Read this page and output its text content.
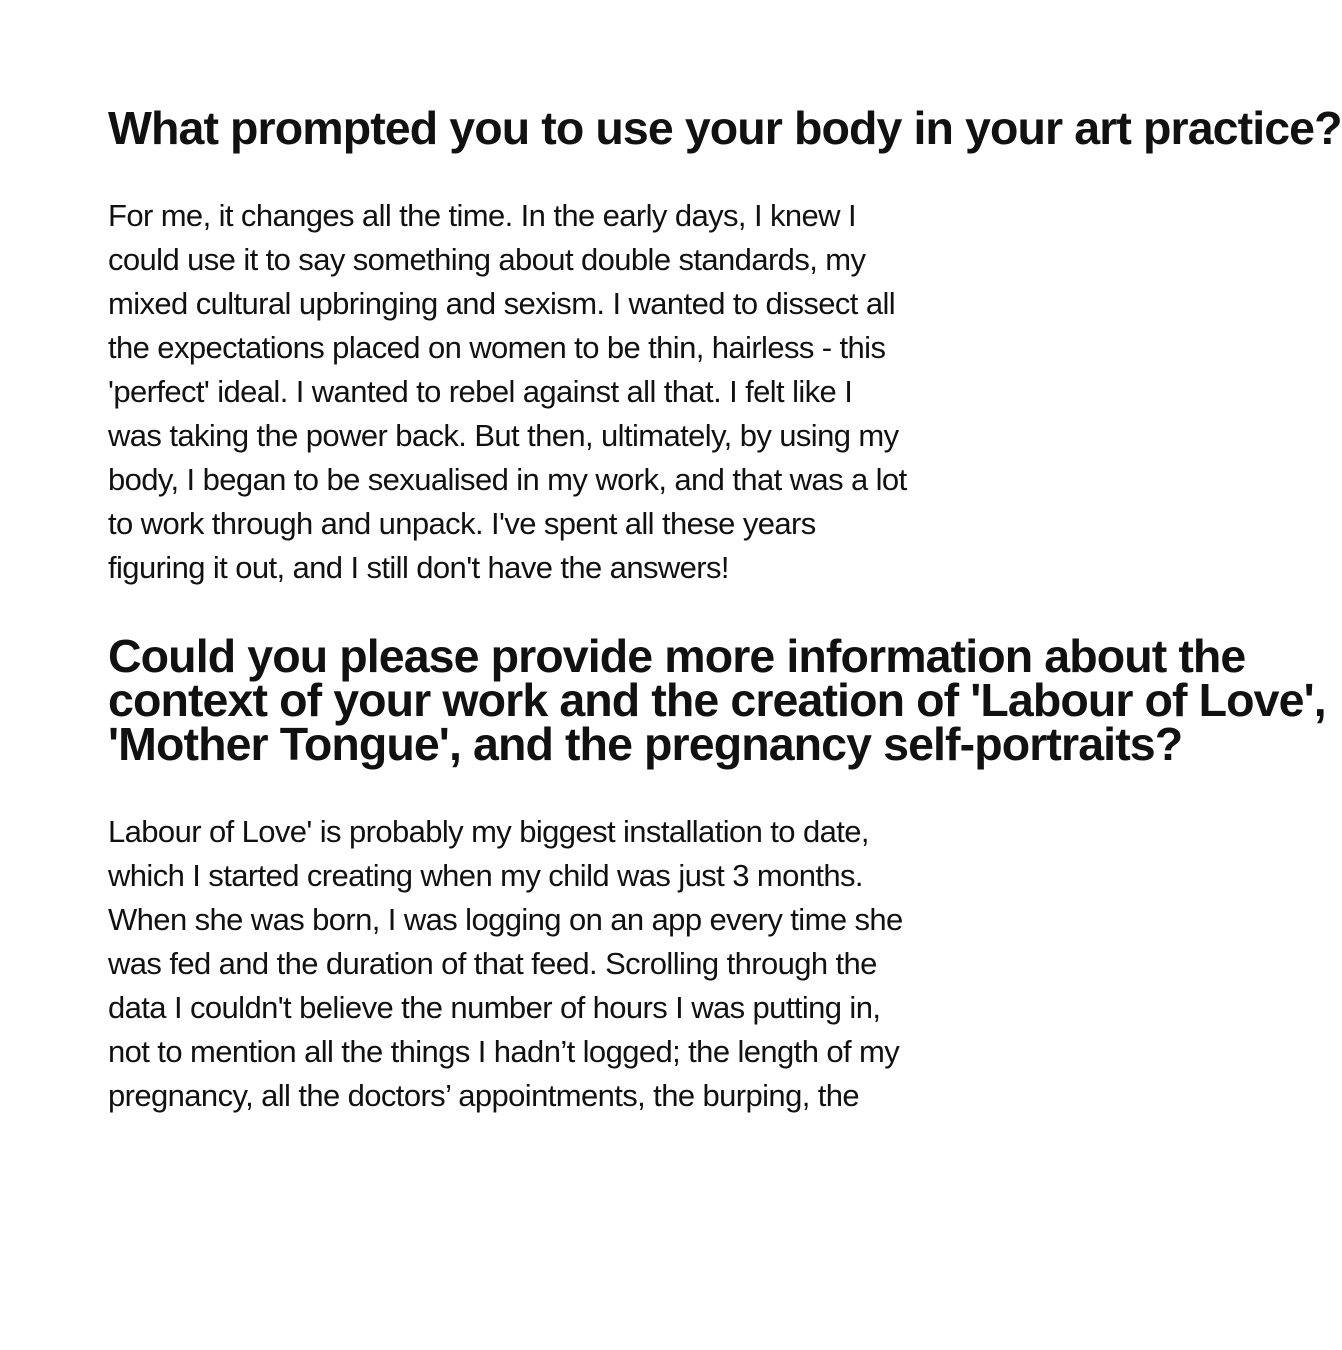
What prompted you to use your body in your art practice?

For me, it changes all the time. In the early days, I knew I
could use it to say something about double standards, my
mixed cultural upbringing and sexism. I wanted to dissect all
the expectations placed on women to be thin, hairless - this
'perfect' ideal. I wanted to rebel against all that. I felt like I
was taking the power back. But then, ultimately, by using my
body, I began to be sexualised in my work, and that was a lot
to work through and unpack. I've spent all these years
figuring it out, and I still don't have the answers!

Could you please provide more information about the
context of your work and the creation of 'Labour of Love',
'Mother Tongue', and the pregnancy self-portraits?

Labour of Love' is probably my biggest installation to date,
which I started creating when my child was just 3 months.
When she was born, I was logging on an app every time she
was fed and the duration of that feed. Scrolling through the
data I couldn't believe the number of hours I was putting in,
not to mention all the things I hadn’t logged; the length of my
pregnancy, all the doctors’ appointments, the burping, the
